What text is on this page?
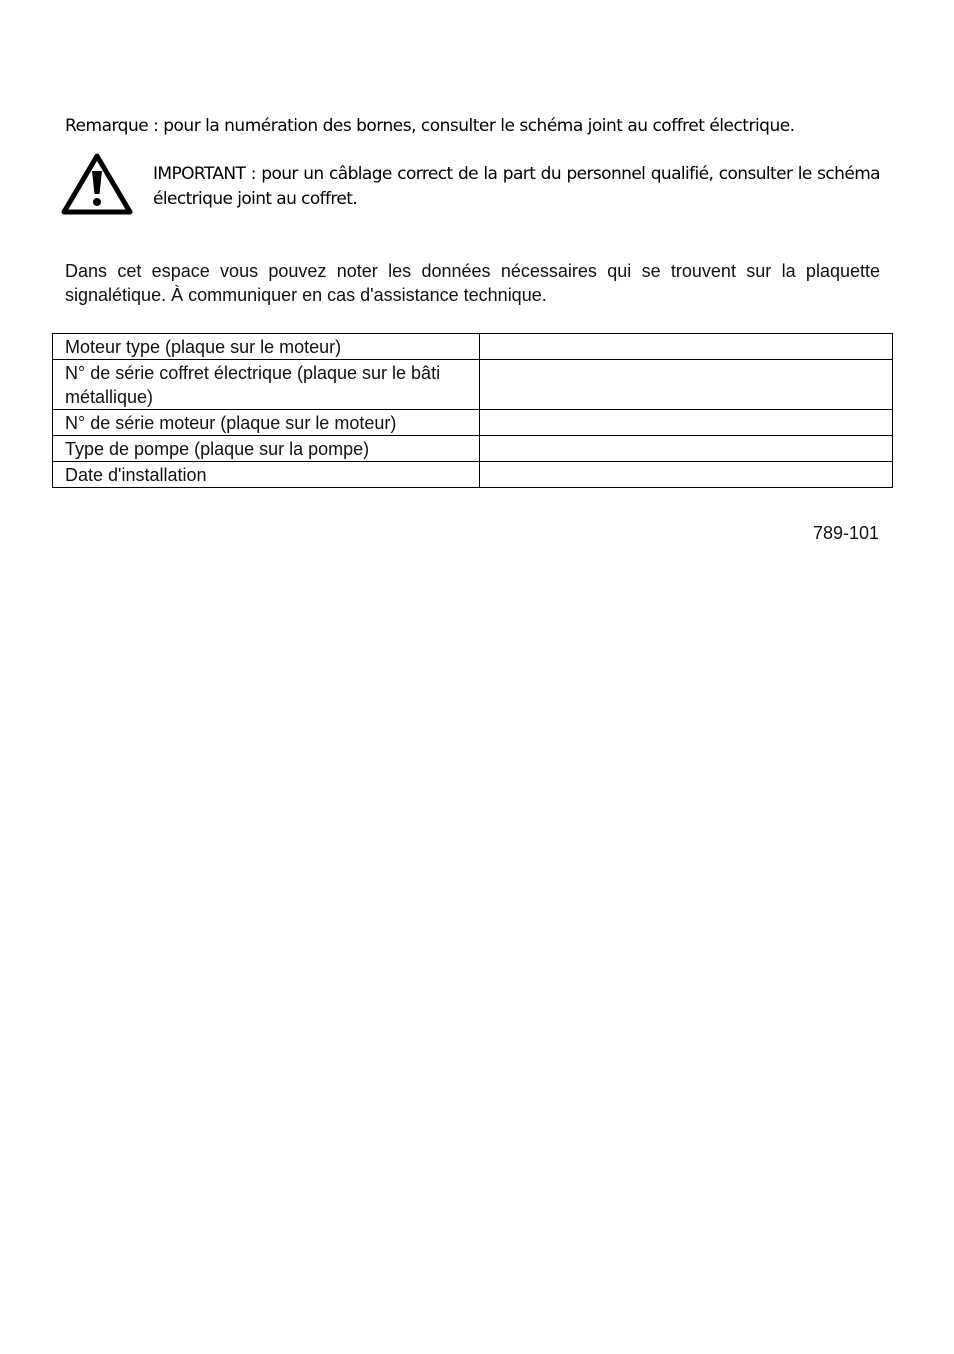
Remarque : pour la numération des bornes, consulter le schéma joint au coffret électrique.

IMPORTANT : pour un câblage correct de la part du personnel qualifié, consulter le schéma électrique joint au coffret.

Dans cet espace vous pouvez noter les données nécessaires qui se trouvent sur la plaquette signalétique. À communiquer en cas d'assistance technique.

Moteur type (plaque sur le moteur)	
N° de série coffret électrique (plaque sur le bâti métallique)	
N° de série moteur (plaque sur le moteur)	
Type de pompe (plaque sur la pompe)	
Date d'installation	

789-101
